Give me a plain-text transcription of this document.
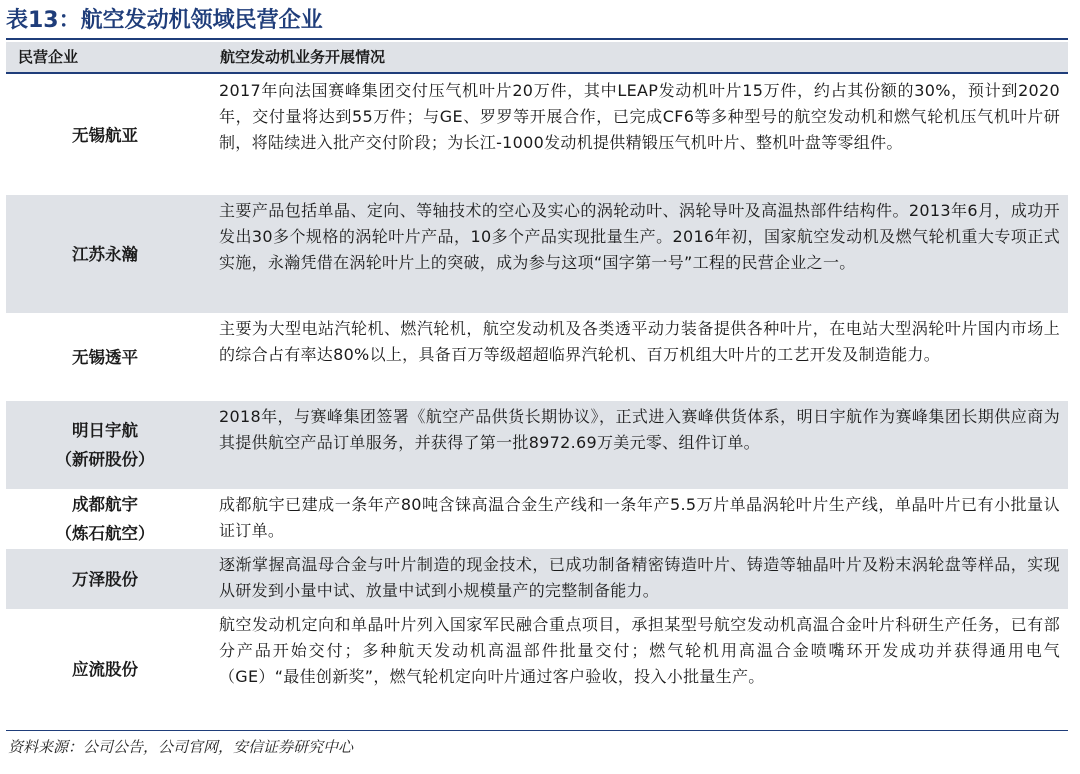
表13：航空发动机领域民营企业
民营企业	航空发动机业务开展情况
无锡航亚
2017年向法国赛峰集团交付压气机叶片20万件，其中LEAP发动机叶片15万件，约占其份额的30%，预计到2020年，交付量将达到55万件；与GE、罗罗等开展合作，已完成CF6等多种型号的航空发动机和燃气轮机压气机叶片研制，将陆续进入批产交付阶段；为长江-1000发动机提供精锻压气机叶片、整机叶盘等零组件。
江苏永瀚
主要产品包括单晶、定向、等轴技术的空心及实心的涡轮动叶、涡轮导叶及高温热部件结构件。2013年6月，成功开发出30多个规格的涡轮叶片产品，10多个产品实现批量生产。2016年初，国家航空发动机及燃气轮机重大专项正式实施，永瀚凭借在涡轮叶片上的突破，成为参与这项“国字第一号”工程的民营企业之一。
无锡透平
主要为大型电站汽轮机、燃汽轮机，航空发动机及各类透平动力装备提供各种叶片，在电站大型涡轮叶片国内市场上的综合占有率达80%以上，具备百万等级超超临界汽轮机、百万机组大叶片的工艺开发及制造能力。
明日宇航
（新研股份）
2018年，与赛峰集团签署《航空产品供货长期协议》，正式进入赛峰供货体系，明日宇航作为赛峰集团长期供应商为其提供航空产品订单服务，并获得了第一批8972.69万美元零、组件订单。
成都航宇
（炼石航空）
成都航宇已建成一条年产80吨含铼高温合金生产线和一条年产5.5万片单晶涡轮叶片生产线，单晶叶片已有小批量认证订单。
万泽股份
逐渐掌握高温母合金与叶片制造的现金技术，已成功制备精密铸造叶片、铸造等轴晶叶片及粉末涡轮盘等样品，实现从研发到小量中试、放量中试到小规模量产的完整制备能力。
应流股份
航空发动机定向和单晶叶片列入国家军民融合重点项目，承担某型号航空发动机高温合金叶片科研生产任务，已有部分产品开始交付；多种航天发动机高温部件批量交付；燃气轮机用高温合金喷嘴环开发成功并获得通用电气（GE）“最佳创新奖”，燃气轮机定向叶片通过客户验收，投入小批量生产。
资料来源：公司公告，公司官网，安信证券研究中心
